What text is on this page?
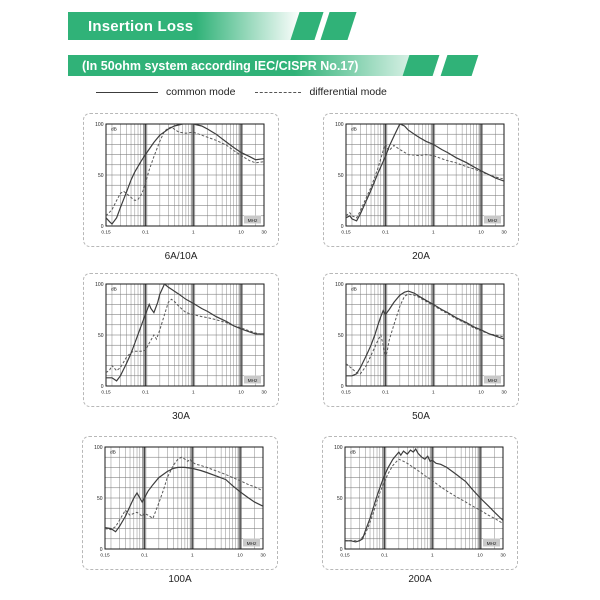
Insertion Loss
(In 50ohm system according IEC/CISPR No.17)
common mode	differential mode
100
50
0
0.15	0.1	1	10	30
dB
MHz
6A/10A
100
50
0
0.15	0.1	1	10	30
dB
MHz
20A
100
50
0
0.15	0.1	1	10	30
dB
MHz
30A
100
50
0
0.15	0.1	1	10	30
dB
MHz
50A
100
50
0
0.15	0.1	1	10	30
dB
MHz
100A
100
50
0
0.15	0.1	1	10	30
dB
MHz
200A
